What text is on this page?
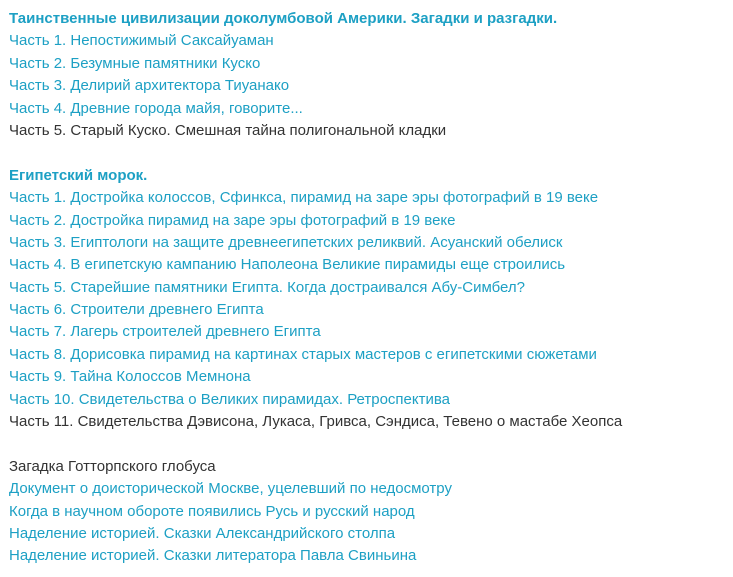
Таинственные цивилизации доколумбовой Америки. Загадки и разгадки.
Часть 1. Непостижимый Саксайуаман
Часть 2. Безумные памятники Куско
Часть 3. Делирий архитектора Тиуанако
Часть 4. Древние города майя, говорите...
Часть 5. Старый Куско. Смешная тайна полигональной кладки
Египетский морок.
Часть 1. Достройка колоссов, Сфинкса, пирамид на заре эры фотографий в 19 веке
Часть 2. Достройка пирамид на заре эры фотографий в 19 веке
Часть 3. Египтологи на защите древнеегипетских реликвий. Асуанский обелиск
Часть 4. В египетскую кампанию Наполеона Великие пирамиды еще строились
Часть 5. Старейшие памятники Египта. Когда достраивался Абу-Симбел?
Часть 6. Строители древнего Египта
Часть 7. Лагерь строителей древнего Египта
Часть 8. Дорисовка пирамид на картинах старых мастеров с египетскими сюжетами
Часть 9. Тайна Колоссов Мемнона
Часть 10. Свидетельства о Великих пирамидах. Ретроспектива
Часть 11. Свидетельства Дэвисона, Лукаса, Гривса, Сэндиса, Тевено о мастабе Хеопса
Загадка Готторпского глобуса
Документ о доисторической Москве, уцелевший по недосмотру
Когда в научном обороте появились Русь и русский народ
Наделение историей. Сказки Александрийского столпа
Наделение историей. Сказки литератора Павла Свиньина
